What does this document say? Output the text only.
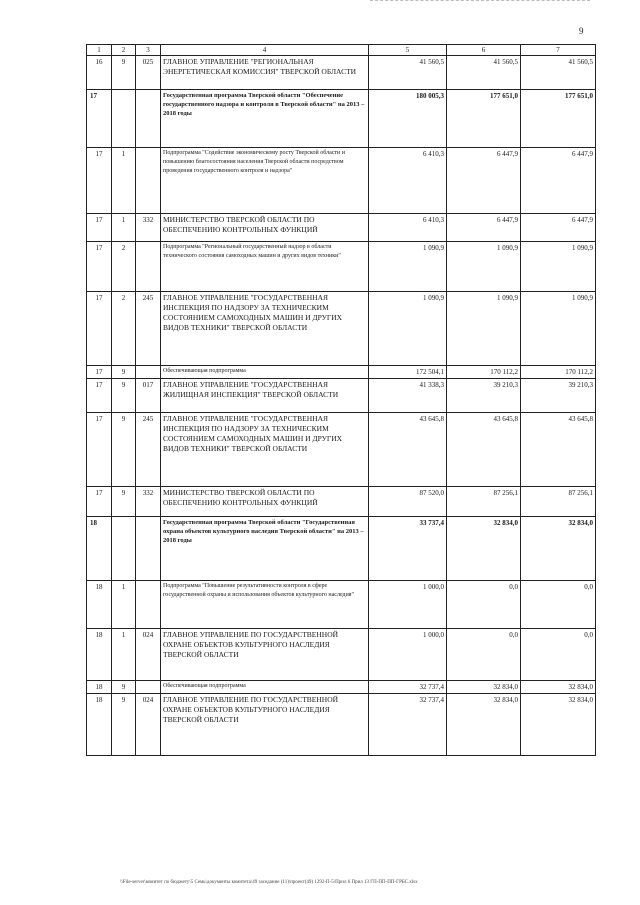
9
1	2	3	4	5	6	7
16	9	025	ГЛАВНОЕ УПРАВЛЕНИЕ "РЕГИОНАЛЬНАЯ ЭНЕРГЕТИЧЕСКАЯ КОМИССИЯ" ТВЕРСКОЙ ОБЛАСТИ	41 560,5	41 560,5	41 560,5
17			Государственная программа Тверской области "Обеспечение государственного надзора и контроля в Тверской области" на 2013 – 2018 годы	180 005,3	177 651,0	177 651,0
17	1		Подпрограмма "Содействие экономическому росту Тверской области и повышению благосостояния населения Тверской области посредством проведения государственного контроля и надзора"	6 410,3	6 447,9	6 447,9
17	1	332	МИНИСТЕРСТВО ТВЕРСКОЙ ОБЛАСТИ ПО ОБЕСПЕЧЕНИЮ КОНТРОЛЬНЫХ ФУНКЦИЙ	6 410,3	6 447,9	6 447,9
17	2		Подпрограмма "Региональный государственный надзор в области технического состояния самоходных машин и других видов техники"	1 090,9	1 090,9	1 090,9
17	2	245	ГЛАВНОЕ УПРАВЛЕНИЕ "ГОСУДАРСТВЕННАЯ ИНСПЕКЦИЯ ПО НАДЗОРУ ЗА ТЕХНИЧЕСКИМ СОСТОЯНИЕМ САМОХОДНЫХ МАШИН И ДРУГИХ ВИДОВ ТЕХНИКИ" ТВЕРСКОЙ ОБЛАСТИ	1 090,9	1 090,9	1 090,9
17	9		Обеспечивающая подпрограмма	172 504,1	170 112,2	170 112,2
17	9	017	ГЛАВНОЕ УПРАВЛЕНИЕ "ГОСУДАРСТВЕННАЯ ЖИЛИЩНАЯ ИНСПЕКЦИЯ" ТВЕРСКОЙ ОБЛАСТИ	41 338,3	39 210,3	39 210,3
17	9	245	ГЛАВНОЕ УПРАВЛЕНИЕ "ГОСУДАРСТВЕННАЯ ИНСПЕКЦИЯ ПО НАДЗОРУ ЗА ТЕХНИЧЕСКИМ СОСТОЯНИЕМ САМОХОДНЫХ МАШИН И ДРУГИХ ВИДОВ ТЕХНИКИ" ТВЕРСКОЙ ОБЛАСТИ	43 645,8	43 645,8	43 645,8
17	9	332	МИНИСТЕРСТВО ТВЕРСКОЙ ОБЛАСТИ ПО ОБЕСПЕЧЕНИЮ КОНТРОЛЬНЫХ ФУНКЦИЙ	87 520,0	87 256,1	87 256,1
18			Государственная программа Тверской области "Государственная охрана объектов культурного наследия Тверской области" на 2013 – 2018 годы	33 737,4	32 834,0	32 834,0
18	1		Подпрограмма "Повышение результативности контроля в сфере государственной охраны и использования объектов культурного наследия"	1 000,0	0,0	0,0
18	1	024	ГЛАВНОЕ УПРАВЛЕНИЕ ПО ГОСУДАРСТВЕННОЙ ОХРАНЕ ОБЪЕКТОВ КУЛЬТУРНОГО НАСЛЕДИЯ ТВЕРСКОЙ ОБЛАСТИ	1 000,0	0,0	0,0
18	9		Обеспечивающая подпрограмма	32 737,4	32 834,0	32 834,0
18	9	024	ГЛАВНОЕ УПРАВЛЕНИЕ ПО ГОСУДАРСТВЕННОЙ ОХРАНЕ ОБЪЕКТОВ КУЛЬТУРНОГО НАСЛЕДИЯ ТВЕРСКОЙ ОБЛАСТИ	32 737,4	32 834,0	32 834,0
\\File-server\комитет по бюджету\5 Семь\документы комитета\49 заседание (11)\проект(49) 1292-П-5\Прил 6 Прил 13 ГП-ПП-ПП-ГРБС.xlsx
